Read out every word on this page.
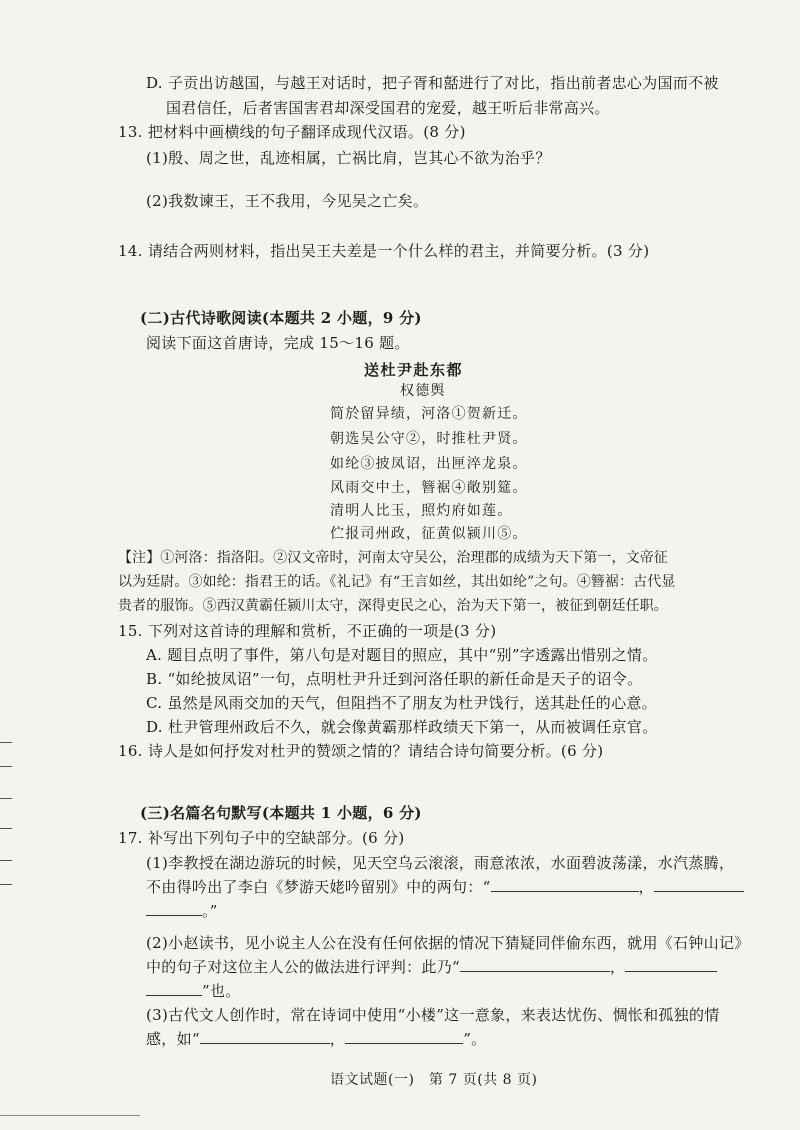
D. 子贡出访越国，与越王对话时，把子胥和嚭进行了对比，指出前者忠心为国而不被
国君信任，后者害国害君却深受国君的宠爱，越王听后非常高兴。
13. 把材料中画横线的句子翻译成现代汉语。(8 分)
(1)殷、周之世，乱迹相属，亡祸比肩，岂其心不欲为治乎？
(2)我数谏王，王不我用，今见吴之亡矣。
14. 请结合两则材料，指出吴王夫差是一个什么样的君主，并简要分析。(3 分)
(二)古代诗歌阅读(本题共 2 小题，9 分)
阅读下面这首唐诗，完成 15～16 题。
送杜尹赴东都
权德舆
简於留异绩，河洛①贺新迁。
朝选吴公守②，时推杜尹贤。
如纶③披凤诏，出匣淬龙泉。
风雨交中土，簪裾④敞别筵。
清明人比玉，照灼府如莲。
伫报司州政，征黄似颍川⑤。
【注】①河洛：指洛阳。②汉文帝时，河南太守吴公，治理郡的成绩为天下第一，文帝征
以为廷尉。③如纶：指君王的话。《礼记》有“王言如丝，其出如纶”之句。④簪裾：古代显
贵者的服饰。⑤西汉黄霸任颍川太守，深得吏民之心，治为天下第一，被征到朝廷任职。
15. 下列对这首诗的理解和赏析，不正确的一项是(3 分)
A. 题目点明了事件，第八句是对题目的照应，其中“别”字透露出惜别之情。
B. “如纶披凤诏”一句，点明杜尹升迁到河洛任职的新任命是天子的诏令。
C. 虽然是风雨交加的天气，但阻挡不了朋友为杜尹饯行，送其赴任的心意。
D. 杜尹管理州政后不久，就会像黄霸那样政绩天下第一，从而被调任京官。
16. 诗人是如何抒发对杜尹的赞颂之情的？请结合诗句简要分析。(6 分)
(三)名篇名句默写(本题共 1 小题，6 分)
17. 补写出下列句子中的空缺部分。(6 分)
(1)李教授在湖边游玩的时候，见天空乌云滚滚，雨意浓浓，水面碧波荡漾，水汽蒸腾，
不由得吟出了李白《梦游天姥吟留别》中的两句：“	，
。”
(2)小赵读书，见小说主人公在没有任何依据的情况下猜疑同伴偷东西，就用《石钟山记》
中的句子对这位主人公的做法进行评判：此乃“	，
”也。
(3)古代文人创作时，常在诗词中使用“小楼”这一意象，来表达忧伤、惆怅和孤独的情
感，如“	，	”。
语文试题(一)　第 7 页(共 8 页)
